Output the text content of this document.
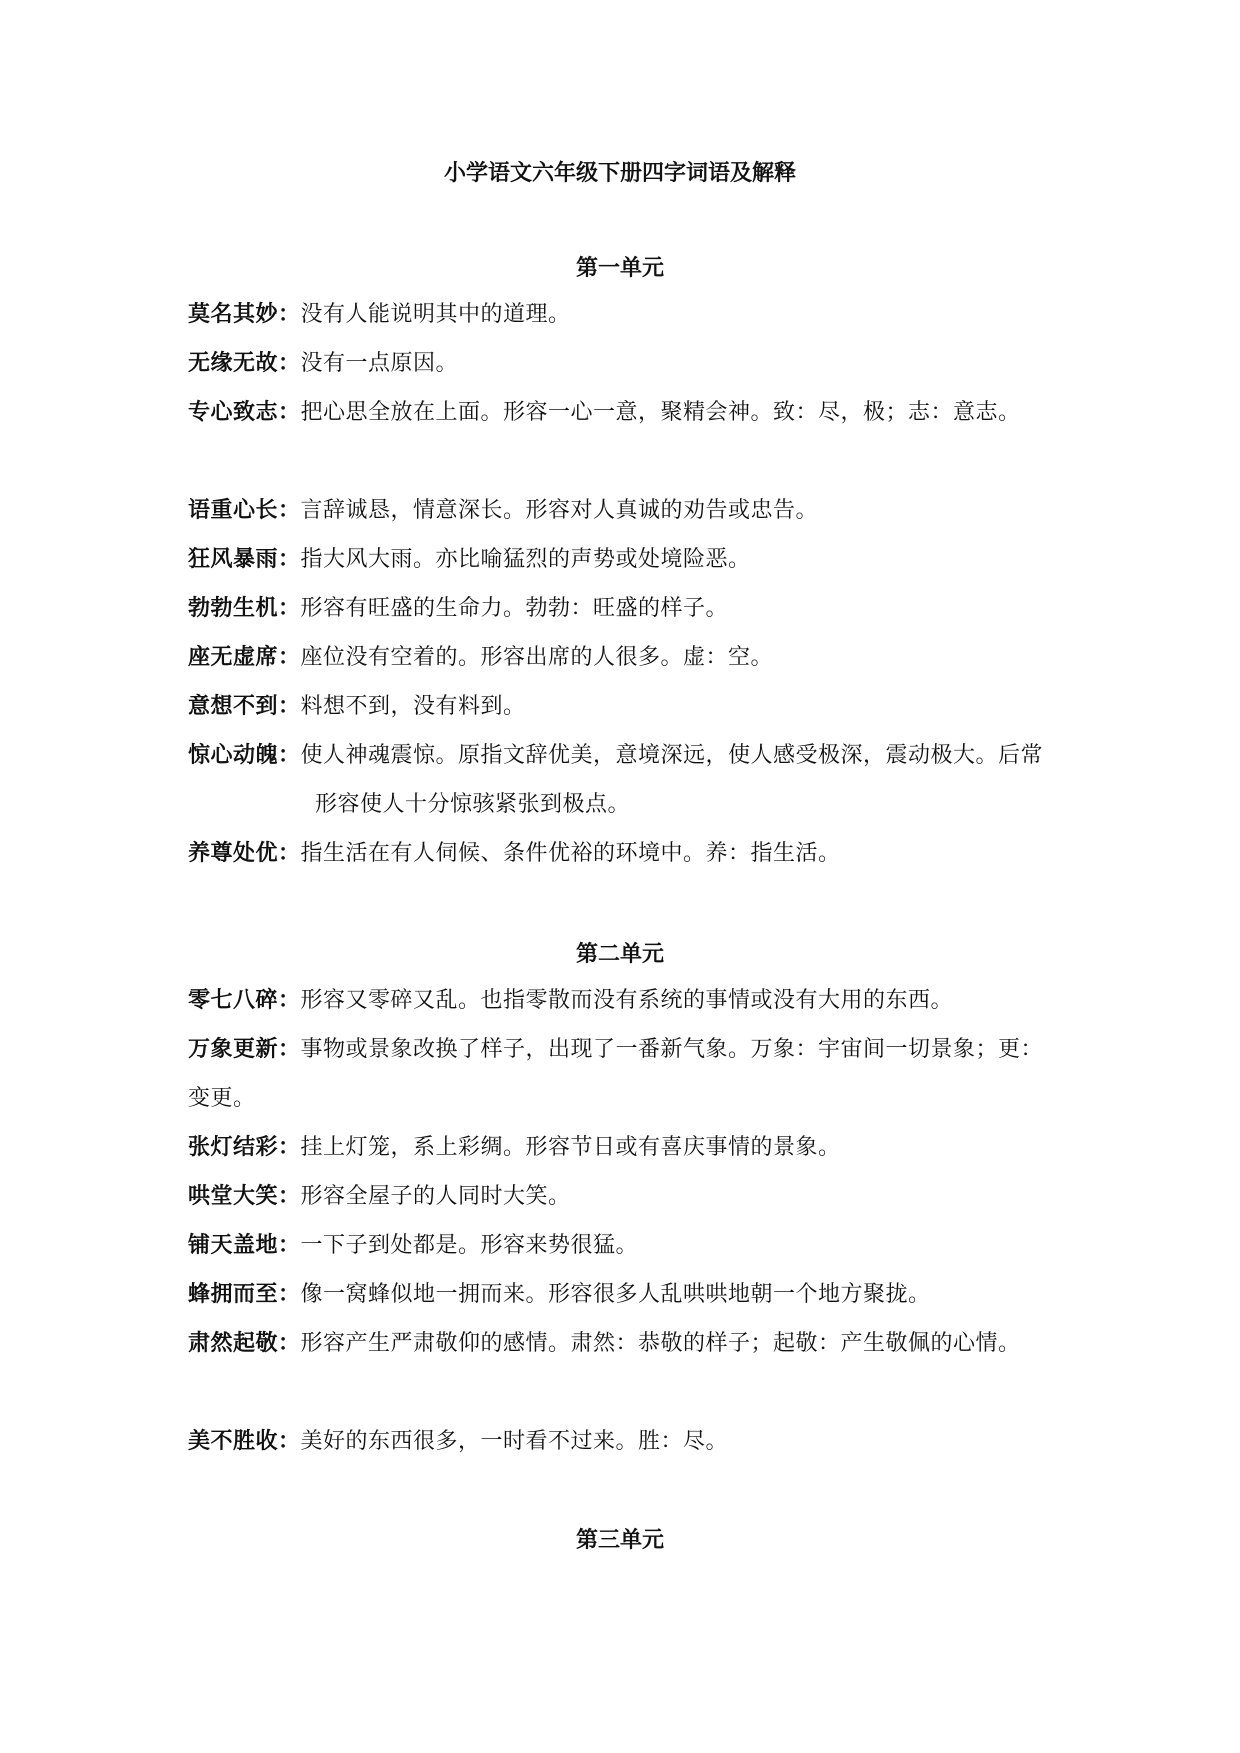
小学语文六年级下册四字词语及解释
第一单元
莫名其妙：没有人能说明其中的道理。
无缘无故：没有一点原因。
专心致志：把心思全放在上面。形容一心一意，聚精会神。致：尽，极；志：意志。
语重心长：言辞诚恳，情意深长。形容对人真诚的劝告或忠告。
狂风暴雨：指大风大雨。亦比喻猛烈的声势或处境险恶。
勃勃生机：形容有旺盛的生命力。勃勃：旺盛的样子。
座无虚席：座位没有空着的。形容出席的人很多。虚：空。
意想不到：料想不到，没有料到。
惊心动魄：使人神魂震惊。原指文辞优美，意境深远，使人感受极深，震动极大。后常形容使人十分惊骇紧张到极点。
养尊处优：指生活在有人伺候、条件优裕的环境中。养：指生活。
第二单元
零七八碎：形容又零碎又乱。也指零散而没有系统的事情或没有大用的东西。
万象更新：事物或景象改换了样子，出现了一番新气象。万象：宇宙间一切景象；更：变更。
张灯结彩：挂上灯笼，系上彩绸。形容节日或有喜庆事情的景象。
哄堂大笑：形容全屋子的人同时大笑。
铺天盖地：一下子到处都是。形容来势很猛。
蜂拥而至：像一窝蜂似地一拥而来。形容很多人乱哄哄地朝一个地方聚拢。
肃然起敬：形容产生严肃敬仰的感情。肃然：恭敬的样子；起敬：产生敬佩的心情。
美不胜收：美好的东西很多，一时看不过来。胜：尽。
第三单元
